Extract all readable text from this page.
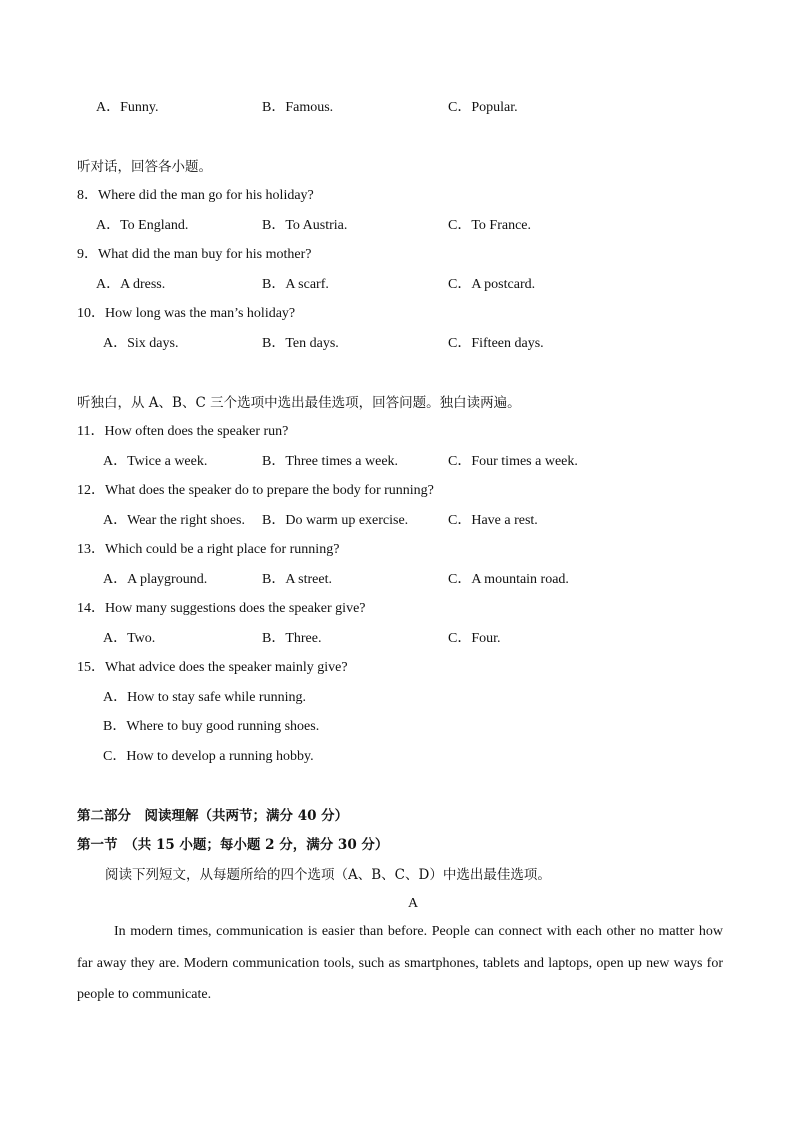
A．Funny.	B．Famous.	C．Popular.
听对话，回答各小题。
8．Where did the man go for his holiday?
A．To England.	B．To Austria.	C．To France.
9．What did the man buy for his mother?
A．A dress.	B．A scarf.	C．A postcard.
10．How long was the man’s holiday?
A．Six days.	B．Ten days.	C．Fifteen days.
听独白，从 A、B、C 三个选项中选出最佳选项，回答问题。独白读两遍。
11．How often does the speaker run?
A．Twice a week.	B．Three times a week.	C．Four times a week.
12．What does the speaker do to prepare the body for running?
A．Wear the right shoes. B．Do warm up exercise.	C．Have a rest.
13．Which could be a right place for running?
A．A playground.	B．A street.	C．A mountain road.
14．How many suggestions does the speaker give?
A．Two.	B．Three.	C．Four.
15．What advice does the speaker mainly give?
A．How to stay safe while running.
B．Where to buy good running shoes.
C．How to develop a running hobby.
第二部分　阅读理解（共两节；满分 40 分）
第一节　（共 15 小题；每小题 2 分，满分 30 分）
阅读下列短文，从每题所给的四个选项（A、B、C、D）中选出最佳选项。
A
In modern times, communication is easier than before. People can connect with each other no matter how far away they are. Modern communication tools, such as smartphones, tablets and laptops, open up new ways for people to communicate.
